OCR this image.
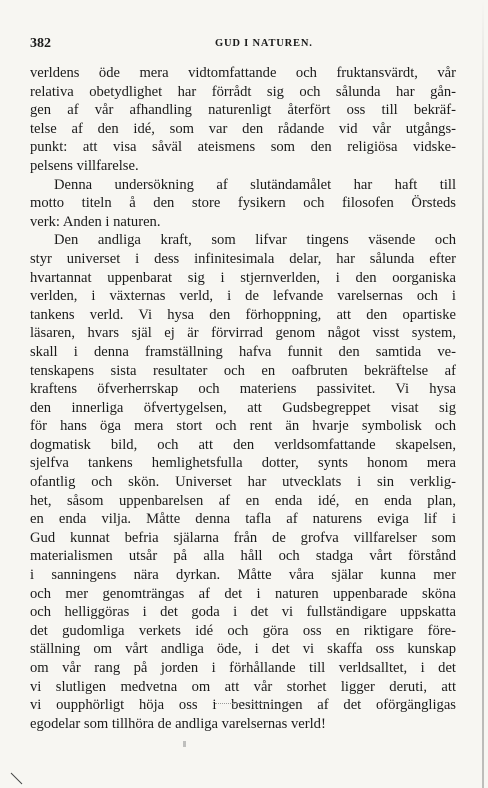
382	GUD I NATUREN.
verldens öde mera vidtomfattande och fruktansvärdt, vår
relativa obetydlighet har förrådt sig och sålunda har gån-
gen af vår afhandling naturenligt återfört oss till bekräf-
telse af den idé, som var den rådande vid vår utgångs-
punkt: att visa såväl ateismens som den religiösa vidske-
pelsens villfarelse.
Denna undersökning af slutändamålet har haft till
motto titeln å den store fysikern och filosofen Örsteds
verk: Anden i naturen.
Den andliga kraft, som lifvar tingens väsende och
styr universet i dess infinitesimala delar, har sålunda efter
hvartannat uppenbarat sig i stjernverlden, i den oorganiska
verlden, i växternas verld, i de lefvande varelsernas och i
tankens verld. Vi hysa den förhoppning, att den opartiske
läsaren, hvars själ ej är förvirrad genom något visst system,
skall i denna framställning hafva funnit den samtida ve-
tenskapens sista resultater och en oafbruten bekräftelse af
kraftens öfverherrskap och materiens passivitet. Vi hysa
den innerliga öfvertygelsen, att Gudsbegreppet visat sig
för hans öga mera stort och rent än hvarje symbolisk och
dogmatisk bild, och att den verldsomfattande skapelsen,
sjelfva tankens hemlighetsfulla dotter, synts honom mera
ofantlig och skön. Universet har utvecklats i sin verklig-
het, såsom uppenbarelsen af en enda idé, en enda plan,
en enda vilja. Måtte denna tafla af naturens eviga lif i
Gud kunnat befria själarna från de grofva villfarelser som
materialismen utsår på alla håll och stadga vårt förstånd
i sanningens nära dyrkan. Måtte våra själar kunna mer
och mer genomträngas af det i naturen uppenbarade sköna
och helliggöras i det goda i det vi fullständigare uppskatta
det gudomliga verkets idé och göra oss en riktigare före-
ställning om vårt andliga öde, i det vi skaffa oss kunskap
om vår rang på jorden i förhållande till verldsalltet, i det
vi slutligen medvetna om att vår storhet ligger deruti, att
vi oupphörligt höja oss i besittningen af det oförgängligas
egodelar som tillhöra de andliga varelsernas verld!
